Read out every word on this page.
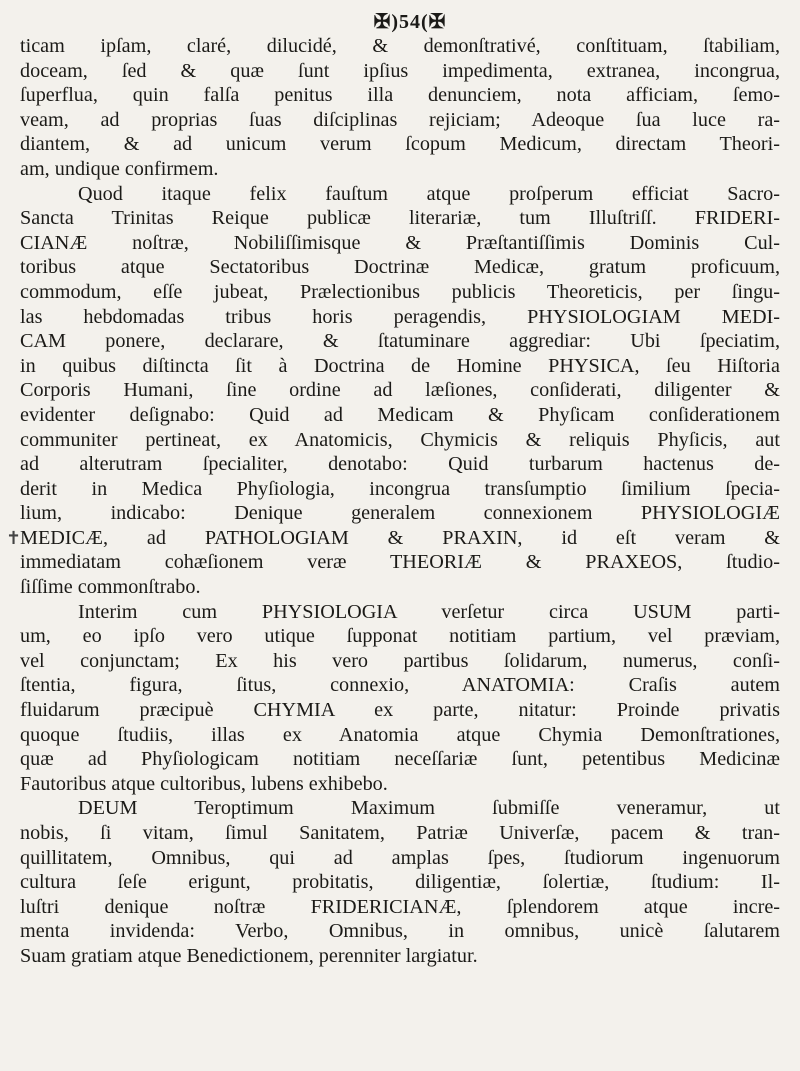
✠)54(✠

ticam ipſam, claré, dilucidé, & demonſtrativé, conſtituam, ſtabiliam,
doceam, ſed & quæ ſunt ipſius impedimenta, extranea, incongrua,
ſuperflua, quin falſa penitus illa denunciem, nota afficiam, ſemo-
veam, ad proprias ſuas diſciplinas rejiciam; Adeoque ſua luce ra-
diantem, & ad unicum verum ſcopum Medicum, directam Theori-
am, undique confirmem.

Quod itaque felix fauſtum atque proſperum efficiat Sacro-
Sancta Trinitas Reique publicæ literariæ, tum Illuſtriſſ. FRIDERI-
CIANÆ noſtræ, Nobiliſſimisque & Præſtantiſſimis Dominis Cul-
toribus atque Sectatoribus Doctrinæ Medicæ, gratum proficuum,
commodum, eſſe jubeat, Prælectionibus publicis Theoreticis, per ſingu-
las hebdomadas tribus horis peragendis, PHYSIOLOGIAM MEDI-
CAM ponere, declarare, & ſtatuminare aggrediar: Ubi ſpeciatim,
in quibus diſtincta ſit à Doctrina de Homine PHYSICA, ſeu Hiſtoria
Corporis Humani, ſine ordine ad læſiones, conſiderati, diligenter &
evidenter deſignabo: Quid ad Medicam & Phyſicam conſiderationem
communiter pertineat, ex Anatomicis, Chymicis & reliquis Phyſicis, aut
ad alterutram ſpecialiter, denotabo: Quid turbarum hactenus de-
derit in Medica Phyſiologia, incongrua transſumptio ſimilium ſpecia-
lium, indicabo: Denique generalem connexionem PHYSIOLOGIÆ
MEDICÆ, ad PATHOLOGIAM & PRAXIN, id eſt veram &
immediatam cohæſionem veræ THEORIÆ & PRAXEOS, ſtudio-
ſiſſime commonſtrabo.

Interim cum PHYSIOLOGIA verſetur circa USUM parti-
um, eo ipſo vero utique ſupponat notitiam partium, vel præviam,
vel conjunctam; Ex his vero partibus ſolidarum, numerus, conſi-
ſtentia, figura, ſitus, connexio, ANATOMIA: Craſis autem
fluidarum præcipuè CHYMIA ex parte, nitatur: Proinde privatis
quoque ſtudiis, illas ex Anatomia atque Chymia Demonſtrationes,
quæ ad Phyſiologicam notitiam neceſſariæ ſunt, petentibus Medicinæ
Fautoribus atque cultoribus, lubens exhibebo.

DEUM Teroptimum Maximum ſubmiſſe veneramur, ut
nobis, ſi vitam, ſimul Sanitatem, Patriæ Univerſæ, pacem & tran-
quillitatem, Omnibus, qui ad amplas ſpes, ſtudiorum ingenuorum
cultura ſeſe erigunt, probitatis, diligentiæ, ſolertiæ, ſtudium: Il-
luſtri denique noſtræ FRIDERICIANÆ, ſplendorem atque incre-
menta invidenda: Verbo, Omnibus, in omnibus, unicè ſalutarem
Suam gratiam atque Benedictionem, perenniter largiatur.

✝
